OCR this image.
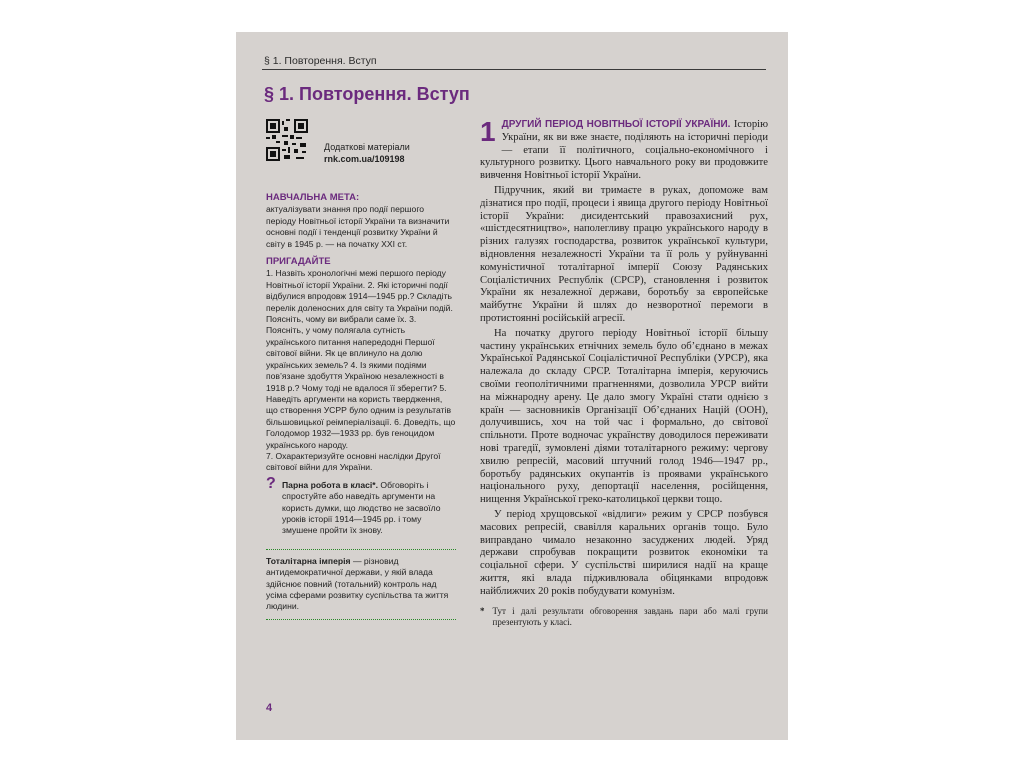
§ 1. Повторення. Вступ
§ 1. Повторення. Вступ
Додаткові матеріали
rnk.com.ua/109198
НАВЧАЛЬНА МЕТА:
актуалізувати знання про події першого періоду Новітньої історії України та визначити основні події і тенденції розвитку України й світу в 1945 р. — на початку XXI ст.
ПРИГАДАЙТЕ
1. Назвіть хронологічні межі першого періоду Новітньої історії України. 2. Які історичні події відбулися впродовж 1914—1945 рр.? Складіть перелік доленосних для світу та України подій. Поясніть, чому ви вибрали саме їх. 3. Поясніть, у чому полягала сутність українського питання напередодні Першої світової війни. Як це вплинуло на долю українських земель? 4. Із якими подіями пов’язане здобуття Україною незалежності в 1918 р.? Чому тоді не вдалося її зберегти? 5. Наведіть аргументи на користь твердження, що створення УСРР було одним із результатів більшовицької реімперіалізації. 6. Доведіть, що Голодомор 1932—1933 рр. був геноцидом українського народу.
7. Охарактеризуйте основні наслідки Другої світової війни для України.
? Парна робота в класі*. Обговоріть і спростуйте або наведіть аргументи на користь думки, що людство не засвоїло уроків історії 1914—1945 рр. і тому змушене пройти їх знову.
Тоталітарна імперія — різновид антидемократичної держави, у якій влада здійснює повний (тотальний) контроль над усіма сферами розвитку суспільства та життя людини.
4
1 ДРУГИЙ ПЕРІОД НОВІТНЬОЇ ІСТОРІЇ УКРАЇНИ. Історію України, як ви вже знаєте, поділяють на історичні періоди — етапи її політичного, соціально-економічного і культурного розвитку. Цього навчального року ви продовжите вивчення Новітньої історії України.

Підручник, який ви тримаєте в руках, допоможе вам дізнатися про події, процеси і явища другого періоду Новітньої історії України: дисидентський правозахисний рух, «шістдесятництво», наполегливу працю українського народу в різних галузях господарства, розвиток української культури, відновлення незалежності України та її роль у руйнуванні комуністичної тоталітарної імперії Союзу Радянських Соціалістичних Республік (СРСР), становлення і розвиток України як незалежної держави, боротьбу за європейське майбутнє України й шлях до незворотної перемоги в протистоянні російській агресії.

На початку другого періоду Новітньої історії більшу частину українських етнічних земель було об’єднано в межах Української Радянської Соціалістичної Республіки (УРСР), яка належала до складу СРСР. Тоталітарна імперія, керуючись своїми геополітичними прагненнями, дозволила УРСР вийти на міжнародну арену. Це дало змогу Україні стати однією з країн — засновників Організації Об’єднаних Націй (ООН), долучившись, хоч на той час і формально, до світової спільноти. Проте водночас українству доводилося переживати нові трагедії, зумовлені діями тоталітарного режиму: чергову хвилю репресій, масовий штучний голод 1946—1947 рр., боротьбу радянських окупантів із проявами українського національного руху, депортації населення, російщення, нищення Української греко-католицької церкви тощо.

У період хрущовської «відлиги» режим у СРСР позбувся масових репресій, свавілля каральних органів тощо. Було виправдано чимало незаконно засуджених людей. Уряд держави спробував покращити розвиток економіки та соціальної сфери. У суспільстві ширилися надії на краще життя, які влада підживлювала обіцянками впродовж найближчих 20 років побудувати комунізм.

* Тут і далі результати обговорення завдань пари або малі групи презентують у класі.
